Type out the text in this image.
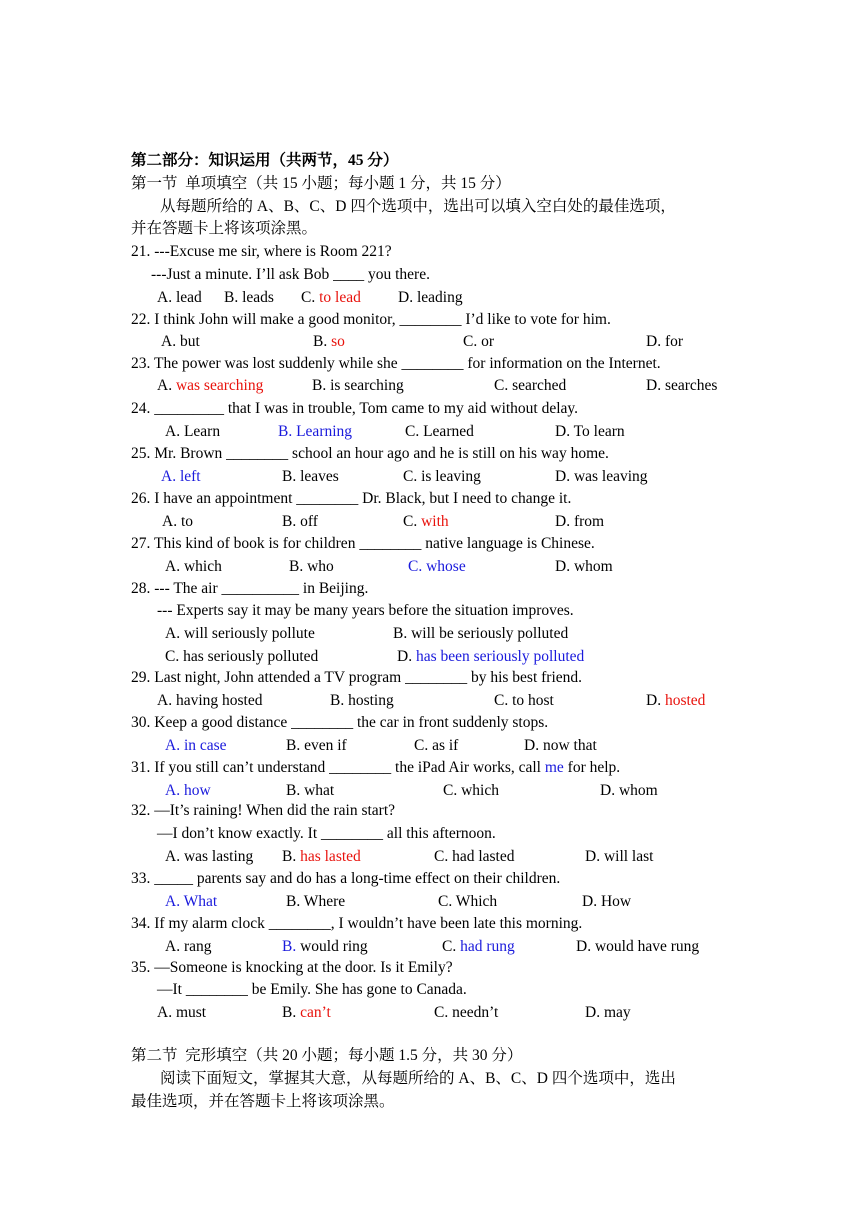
第二部分：知识运用（共两节，45 分）
第一节  单项填空（共 15 小题；每小题 1 分，共 15 分）
从每题所给的 A、B、C、D 四个选项中，选出可以填入空白处的最佳选项，
并在答题卡上将该项涂黑。
21. ---Excuse me sir, where is Room 221?
---Just a minute. I’ll ask Bob ____ you there.
A. lead B. leads C. to lead D. leading
22. I think John will make a good monitor, ________ I’d like to vote for him.
A. but	B. so	C. or	D. for
23. The power was lost suddenly while she ________ for information on the Internet.
A. was searching	B. is searching	C. searched	D. searches
24. _________ that I was in trouble, Tom came to my aid without delay.
A. Learn	B. Learning	C. Learned	D. To learn
25. Mr. Brown ________ school an hour ago and he is still on his way home.
A. left	B. leaves	C. is leaving	D. was leaving
26. I have an appointment ________ Dr. Black, but I need to change it.
A. to	B. off	C. with	D. from
27. This kind of book is for children ________ native language is Chinese.
A. which	B. who	C. whose	D. whom
28. --- The air __________ in Beijing.
--- Experts say it may be many years before the situation improves.
A. will seriously pollute	B. will be seriously polluted
C. has seriously polluted	D. has been seriously polluted
29. Last night, John attended a TV program ________ by his best friend.
A. having hosted	B. hosting	C. to host	D. hosted
30. Keep a good distance ________ the car in front suddenly stops.
A. in case	B. even if	C. as if	D. now that
31. If you still can’t understand ________ the iPad Air works, call me for help.
A. how	B. what	C. which	D. whom
32. —It’s raining! When did the rain start?
—I don’t know exactly. It ________ all this afternoon.
A. was lasting B. has lasted	C. had lasted	D. will last
33. _____ parents say and do has a long-time effect on their children.
A. What	B. Where	C. Which	D. How
34. If my alarm clock ________, I wouldn’t have been late this morning.
A. rang	B. would ring	C. had rung	D. would have rung
35. —Someone is knocking at the door. Is it Emily?
—It ________ be Emily. She has gone to Canada.
A. must	B. can’t	C. needn’t	D. may
第二节  完形填空（共 20 小题；每小题 1.5 分，共 30 分）
阅读下面短文，掌握其大意，从每题所给的 A、B、C、D 四个选项中，选出
最佳选项，并在答题卡上将该项涂黑。
